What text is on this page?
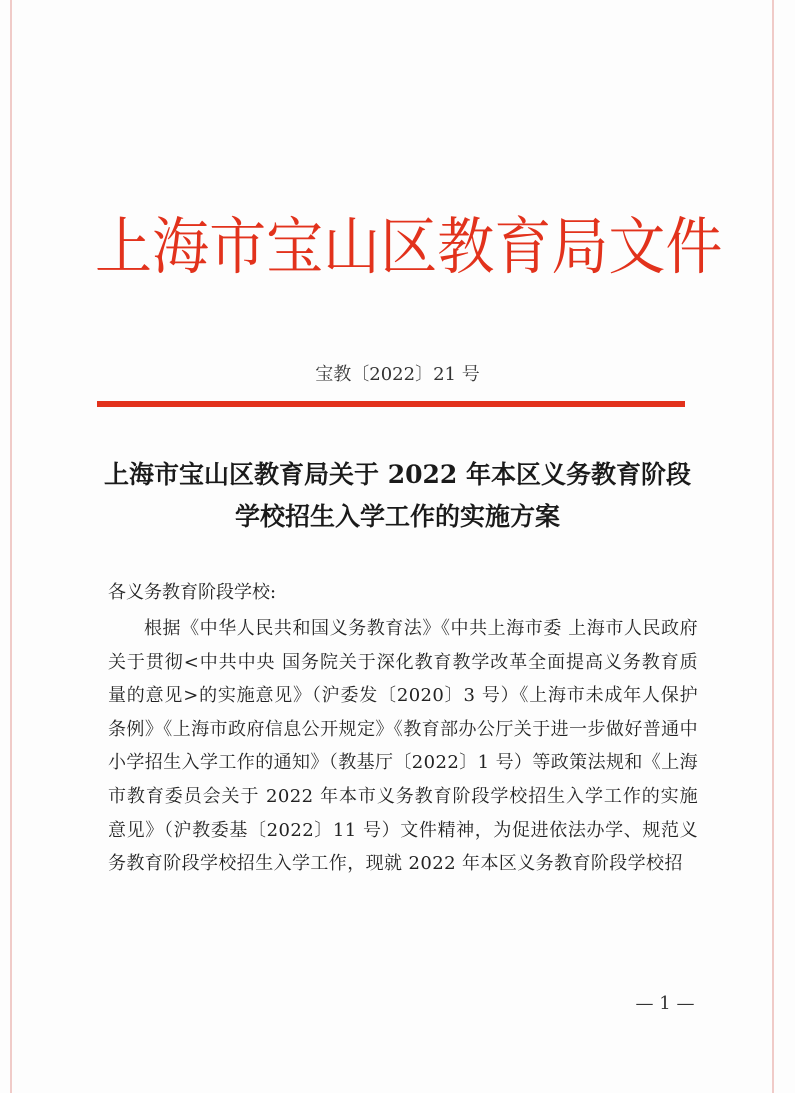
上海市宝山区教育局文件
宝教〔2022〕21 号
上海市宝山区教育局关于 2022 年本区义务教育阶段学校招生入学工作的实施方案
各义务教育阶段学校:
根据《中华人民共和国义务教育法》《中共上海市委 上海市人民政府关于贯彻<中共中央 国务院关于深化教育教学改革全面提高义务教育质量的意见>的实施意见》（沪委发〔2020〕3 号）《上海市未成年人保护条例》《上海市政府信息公开规定》《教育部办公厅关于进一步做好普通中小学招生入学工作的通知》（教基厅〔2022〕1 号）等政策法规和《上海市教育委员会关于 2022 年本市义务教育阶段学校招生入学工作的实施意见》（沪教委基〔2022〕11 号）文件精神，为促进依法办学、规范义务教育阶段学校招生入学工作，现就 2022 年本区义务教育阶段学校招
— 1 —
